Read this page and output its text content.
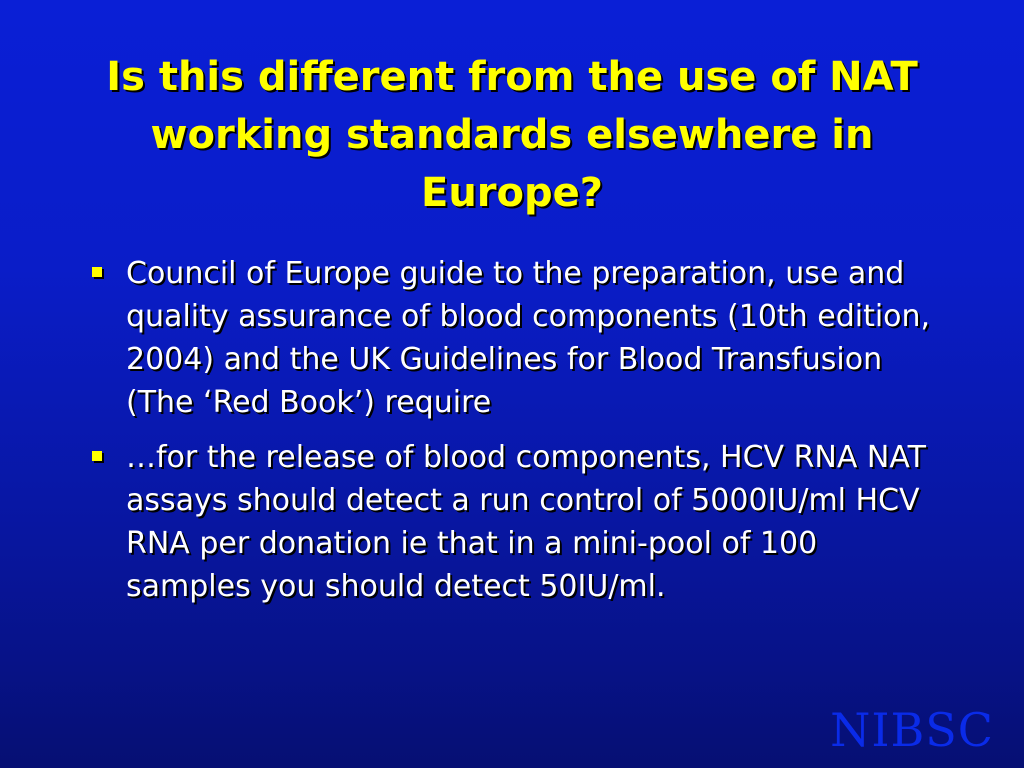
Is this different from the use of NAT working standards elsewhere in Europe?
Council of Europe guide to the preparation, use and quality assurance of blood components (10th edition, 2004) and the UK Guidelines for Blood Transfusion (The ‘Red Book’) require
…for the release of blood components, HCV RNA NAT assays should detect a run control of 5000IU/ml HCV RNA per donation ie that in a mini-pool of 100 samples you should detect 50IU/ml.
NIBSC
